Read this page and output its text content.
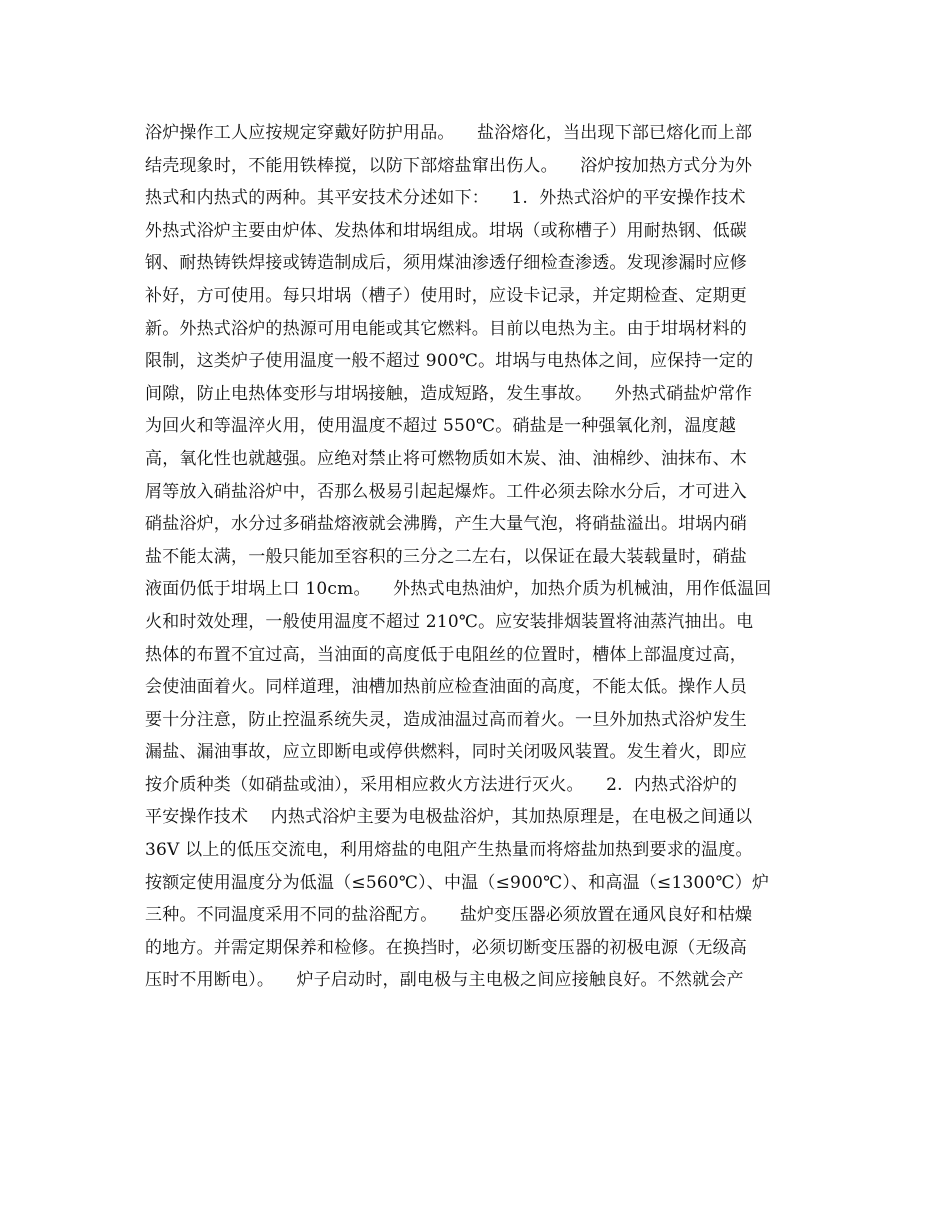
浴炉操作工人应按规定穿戴好防护用品。    盐浴熔化，当出现下部已熔化而上部
结壳现象时，不能用铁棒搅，以防下部熔盐窜出伤人。    浴炉按加热方式分为外
热式和内热式的两种。其平安技术分述如下：    1.  外热式浴炉的平安操作技术
外热式浴炉主要由炉体、发热体和坩埚组成。坩埚（或称槽子）用耐热钢、低碳
钢、耐热铸铁焊接或铸造制成后，须用煤油渗透仔细检查渗透。发现渗漏时应修
补好，方可使用。每只坩埚（槽子）使用时，应设卡记录，并定期检查、定期更
新。外热式浴炉的热源可用电能或其它燃料。目前以电热为主。由于坩埚材料的
限制，这类炉子使用温度一般不超过 900℃。坩埚与电热体之间，应保持一定的
间隙，防止电热体变形与坩埚接触，造成短路，发生事故。    外热式硝盐炉常作
为回火和等温淬火用，使用温度不超过 550℃。硝盐是一种强氧化剂，温度越
高，氧化性也就越强。应绝对禁止将可燃物质如木炭、油、油棉纱、油抹布、木
屑等放入硝盐浴炉中，否那么极易引起起爆炸。工件必须去除水分后，才可进入
硝盐浴炉，水分过多硝盐熔液就会沸腾，产生大量气泡，将硝盐溢出。坩埚内硝
盐不能太满，一般只能加至容积的三分之二左右，以保证在最大装载量时，硝盐
液面仍低于坩埚上口 10cm。    外热式电热油炉，加热介质为机械油，用作低温回
火和时效处理，一般使用温度不超过 210℃。应安装排烟装置将油蒸汽抽出。电
热体的布置不宜过高，当油面的高度低于电阻丝的位置时，槽体上部温度过高，
会使油面着火。同样道理，油槽加热前应检查油面的高度，不能太低。操作人员
要十分注意，防止控温系统失灵，造成油温过高而着火。一旦外加热式浴炉发生
漏盐、漏油事故，应立即断电或停供燃料，同时关闭吸风装置。发生着火，即应
按介质种类（如硝盐或油），采用相应救火方法进行灭火。    2.  内热式浴炉的
平安操作技术    内热式浴炉主要为电极盐浴炉，其加热原理是，在电极之间通以
36V 以上的低压交流电，利用熔盐的电阻产生热量而将熔盐加热到要求的温度。
按额定使用温度分为低温（≤560℃）、中温（≤900℃）、和高温（≤1300℃）炉
三种。不同温度采用不同的盐浴配方。    盐炉变压器必须放置在通风良好和枯燥
的地方。并需定期保养和检修。在换挡时，必须切断变压器的初极电源（无级高
压时不用断电）。    炉子启动时，副电极与主电极之间应接触良好。不然就会产
